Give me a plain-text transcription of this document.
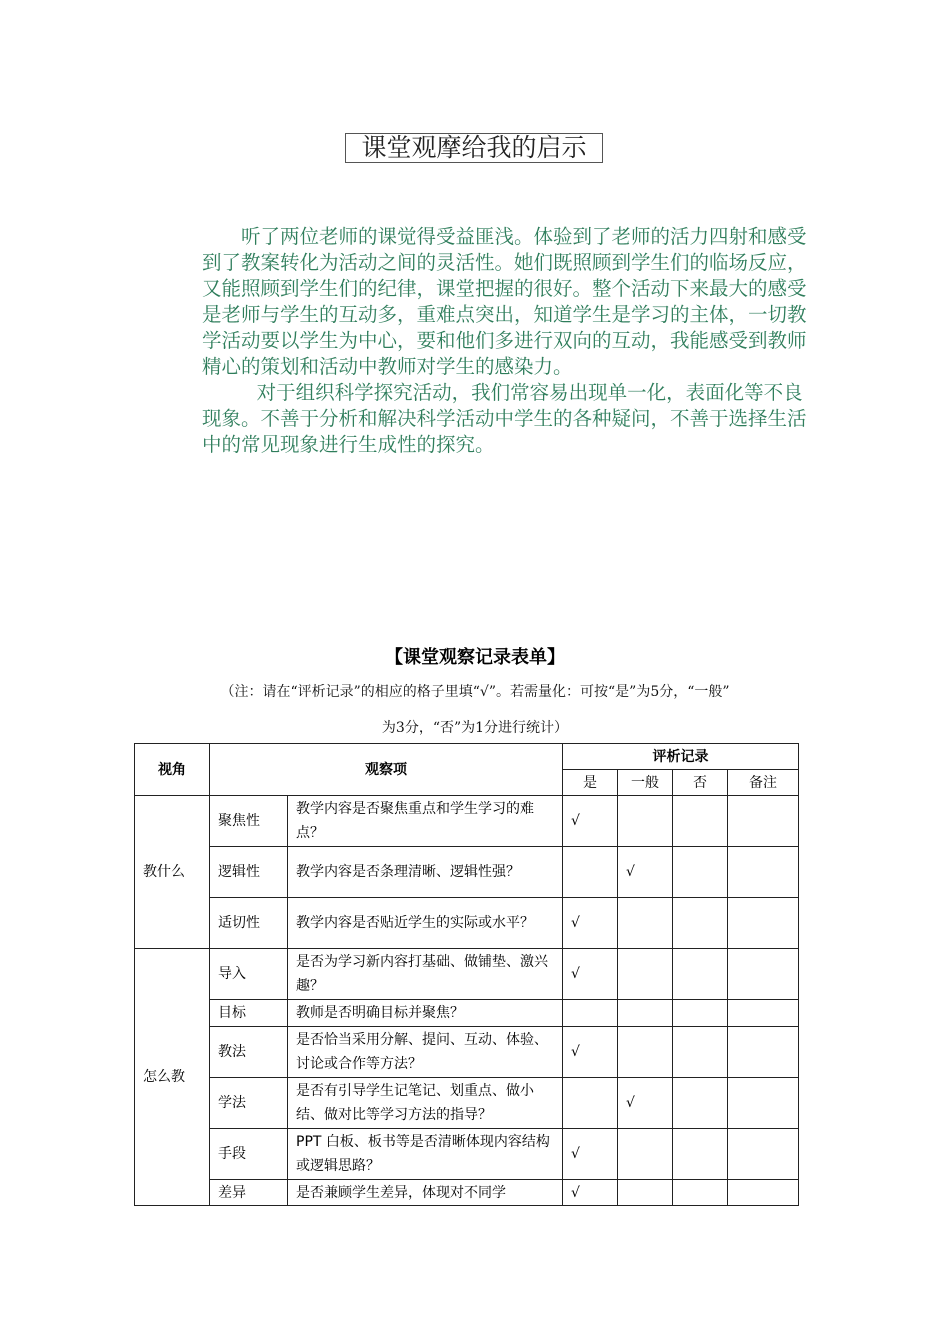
课堂观摩给我的启示

听了两位老师的课觉得受益匪浅。体验到了老师的活力四射和感受到了教案转化为活动之间的灵活性。她们既照顾到学生们的临场反应，又能照顾到学生们的纪律，课堂把握的很好。整个活动下来最大的感受是老师与学生的互动多，重难点突出，知道学生是学习的主体，一切教学活动要以学生为中心，要和他们多进行双向的互动，我能感受到教师精心的策划和活动中教师对学生的感染力。

对于组织科学探究活动，我们常容易出现单一化，表面化等不良现象。不善于分析和解决科学活动中学生的各种疑问，不善于选择生活中的常见现象进行生成性的探究。

【课堂观察记录表单】
（注：请在“评析记录”的相应的格子里填“√”。若需量化：可按“是”为5分，“一般”
为3分，“否”为1分进行统计）
视角	观察项		评析记录			
			是	一般	否	备注
教什么	聚焦性	教学内容是否聚焦重点和学生学习的难点？	√			
	逻辑性	教学内容是否条理清晰、逻辑性强？		√		
	适切性	教学内容是否贴近学生的实际或水平？	√			
怎么教	导入	是否为学习新内容打基础、做铺垫、激兴趣？	√			
	目标	教师是否明确目标并聚焦？				
	教法	是否恰当采用分解、提问、互动、体验、讨论或合作等方法？	√			
	学法	是否有引导学生记笔记、划重点、做小结、做对比等学习方法的指导？		√		
	手段	PPT 白板、板书等是否清晰体现内容结构或逻辑思路？	√			
	差异	是否兼顾学生差异，体现对不同学	√			
